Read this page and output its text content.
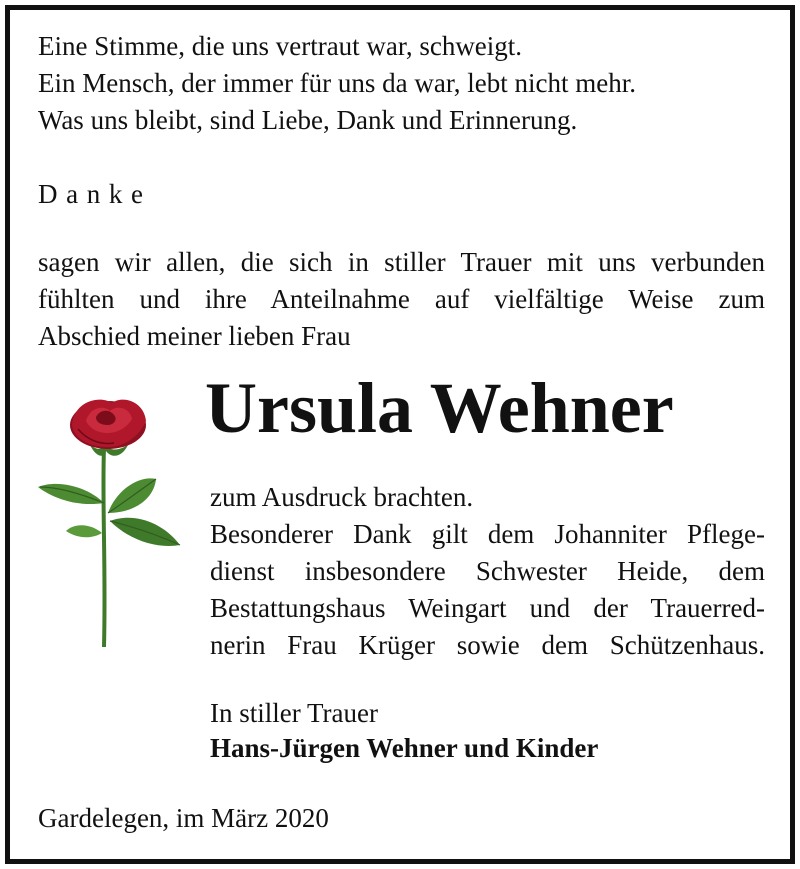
Eine Stimme, die uns vertraut war, schweigt.
Ein Mensch, der immer für uns da war, lebt nicht mehr.
Was uns bleibt, sind Liebe, Dank und Erinnerung.
Danke
sagen wir allen, die sich in stiller Trauer mit uns verbunden
fühlten und ihre Anteilnahme auf vielfältige Weise zum
Abschied meiner lieben Frau
Ursula Wehner
zum Ausdruck brachten.
Besonderer Dank gilt dem Johanniter Pflege-
dienst insbesondere Schwester Heide, dem
Bestattungshaus Weingart und der Trauerred-
nerin Frau Krüger sowie dem Schützenhaus.
In stiller Trauer
Hans-Jürgen Wehner und Kinder
Gardelegen, im März 2020
